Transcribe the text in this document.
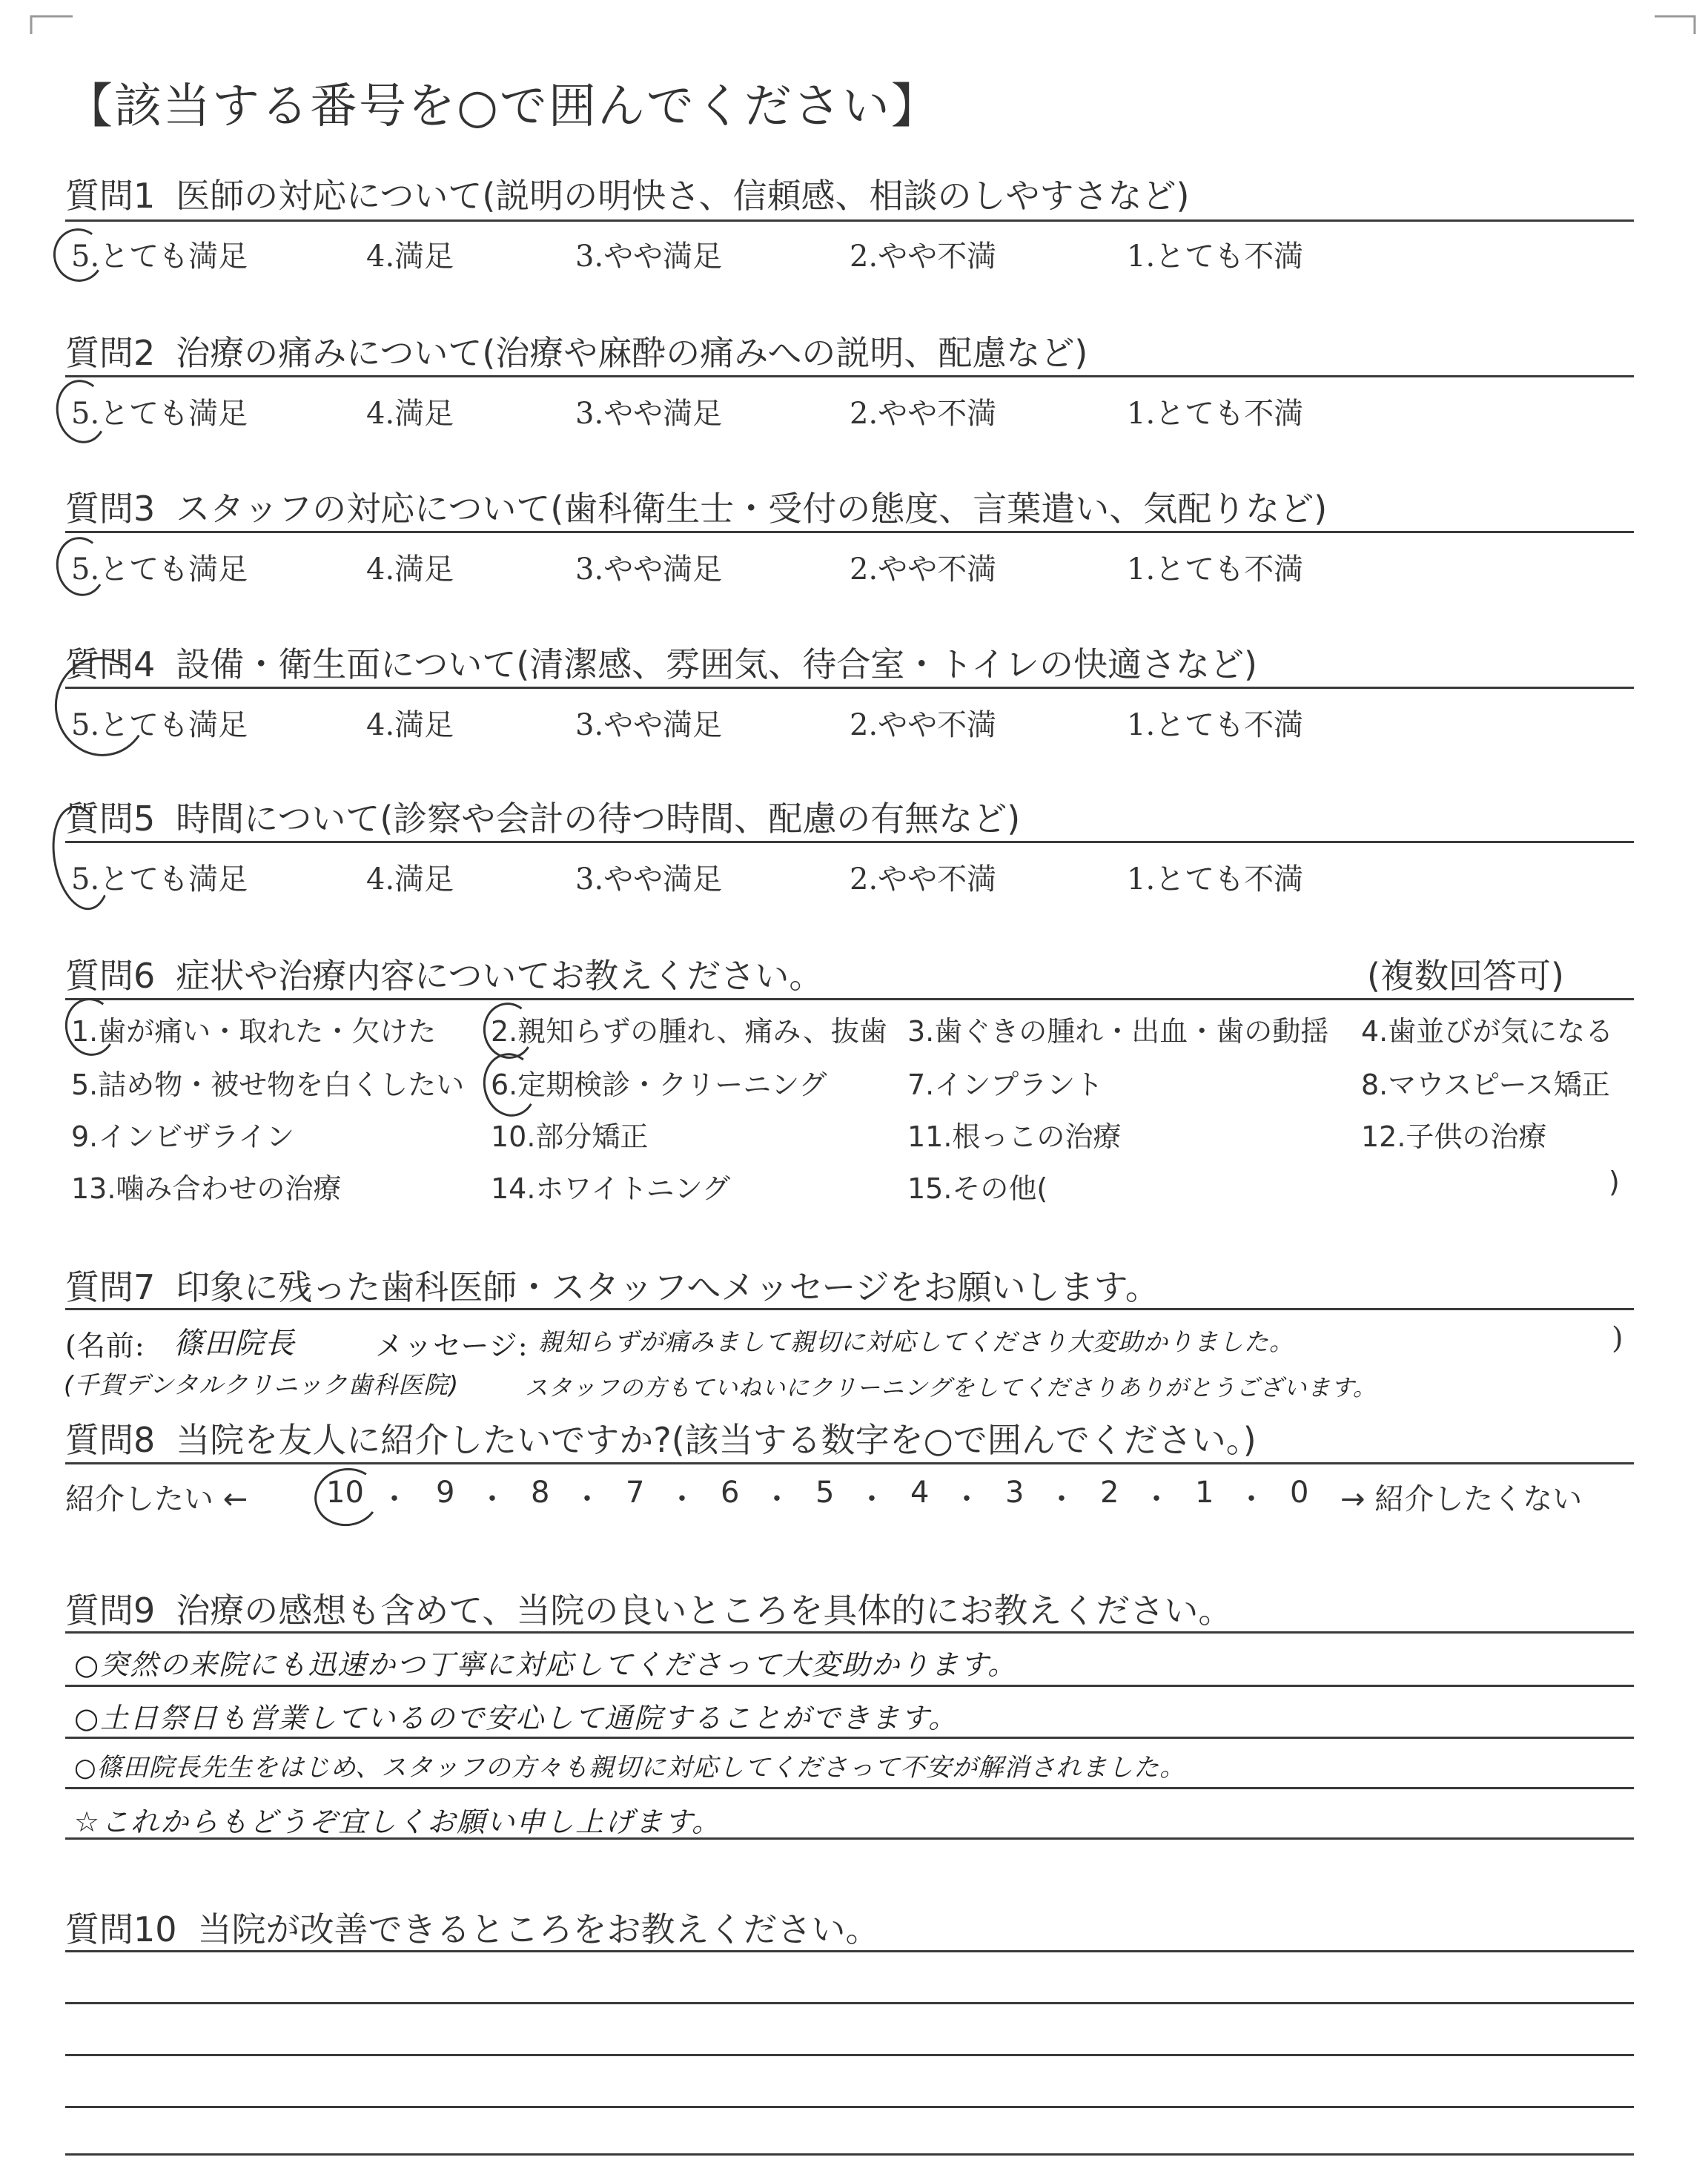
【該当する番号を○で囲んでください】
質問1 医師の対応について(説明の明快さ、信頼感、相談のしやすさなど)
5.とても満足	4.満足	3.やや満足	2.やや不満	1.とても不満
質問2 治療の痛みについて(治療や麻酔の痛みへの説明、配慮など)
5.とても満足	4.満足	3.やや満足	2.やや不満	1.とても不満
質問3 スタッフの対応について(歯科衛生士・受付の態度、言葉遣い、気配りなど)
5.とても満足	4.満足	3.やや満足	2.やや不満	1.とても不満
質問4 設備・衛生面について(清潔感、雰囲気、待合室・トイレの快適さなど)
5.とても満足	4.満足	3.やや満足	2.やや不満	1.とても不満
質問5 時間について(診察や会計の待つ時間、配慮の有無など)
5.とても満足	4.満足	3.やや満足	2.やや不満	1.とても不満
質問6 症状や治療内容についてお教えください。	(複数回答可)
1.歯が痛い・取れた・欠けた 2.親知らずの腫れ、痛み、抜歯 3.歯ぐきの腫れ・出血・歯の動揺 4.歯並びが気になる
5.詰め物・被せ物を白くしたい 6.定期検診・クリーニング	7.インプラント	8.マウスピース矯正
9.インビザライン	10.部分矯正	11.根っこの治療	12.子供の治療
13.噛み合わせの治療	14.ホワイトニング	15.その他(	)
質問7 印象に残った歯科医師・スタッフへメッセージをお願いします。
(名前: 篠田院長	メッセージ: 親知らずが痛みまして親切に対応してくださり大変助かりました。	)
(千賀デンタルクリニック歯科医院)	スタッフの方もていねいにクリーニングをしてくださりありがとうございます。
質問8 当院を友人に紹介したいですか?(該当する数字を○で囲んでください。)
紹介したい ←	10 ・ 9 ・ 8 ・ 7 ・ 6 ・ 5 ・ 4 ・ 3 ・ 2 ・ 1 ・ 0 → 紹介したくない
質問9 治療の感想も含めて、当院の良いところを具体的にお教えください。
○突然の来院にも迅速かつ丁寧に対応してくださって大変助かります。
○土日祭日も営業しているので安心して通院することができます。
○篠田院長先生をはじめ、スタッフの方々も親切に対応してくださって不安が解消されました。
☆これからもどうぞ宜しくお願い申し上げます。
質問10 当院が改善できるところをお教えください。
